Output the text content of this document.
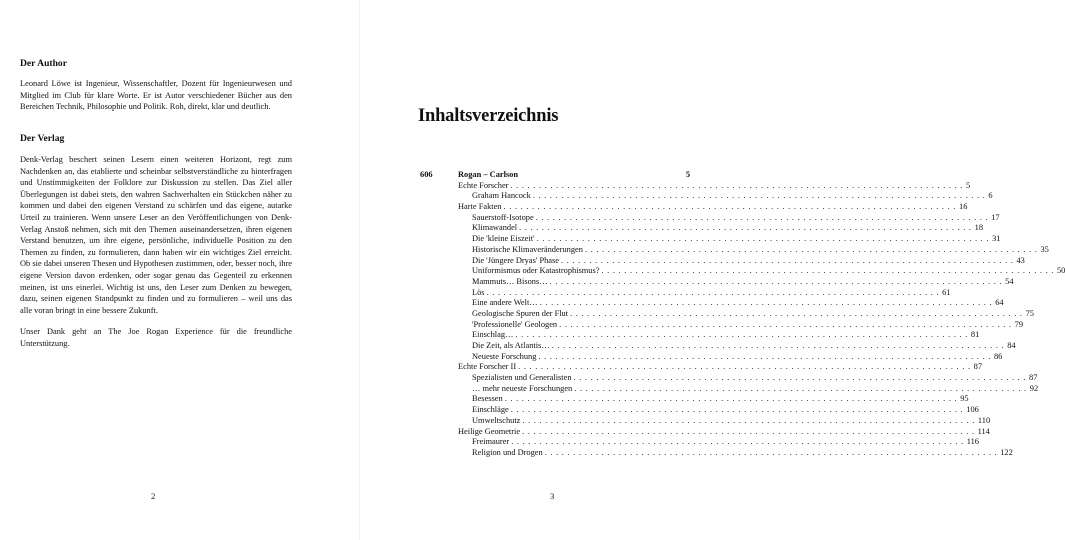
Der Author

Leonard Löwe ist Ingenieur, Wissenschaftler, Dozent für Ingenieurwesen und Mitglied im Club für klare Worte. Er ist Autor verschiedener Bücher aus den Bereichen Technik, Philosophie und Politik. Roh, direkt, klar und deutlich.

Der Verlag

Denk-Verlag beschert seinen Lesern einen weiteren Horizont, regt zum Nachdenken an, das etablierte und scheinbar selbstverständliche zu hinterfragen und Unstimmigkeiten der Folklore zur Diskussion zu stellen. Das Ziel aller Überlegungen ist dabei stets, den wahren Sachverhalten ein Stückchen näher zu kommen und dabei den eigenen Verstand zu schärfen und das eigene, autarke Urteil zu trainieren. Wenn unsere Leser an den Veröffentlichungen von Denk-Verlag Anstoß nehmen, sich mit den Themen auseinandersetzen, ihren eigenen Verstand benutzen, um ihre eigene, persönliche, individuelle Position zu den Themen zu finden, zu formulieren, dann haben wir ein wichtiges Ziel erreicht. Ob sie dabei unseren Thesen und Hypothesen zustimmen, oder, besser noch, ihre eigene Version davon erdenken, oder sogar genau das Gegenteil zu erkennen meinen, ist uns einerlei. Wichtig ist uns, den Leser zum Denken zu bewegen, dazu, seinen eigenen Standpunkt zu finden und zu formulieren – weil uns das alle voran bringt in eine bessere Zukunft.

Unser Dank geht an The Joe Rogan Experience für die freundliche Unterstützung.

2
Inhaltsverzeichnis
606	Rogan – Carlson	5
Echte Forscher ................................................................................ 5
Graham Hancock ................................................................................ 6
Harte Fakten ................................................................................ 16
Sauerstoff-Isotope ................................................................................ 17
Klimawandel ................................................................................ 18
Die 'kleine Eiszeit' ................................................................................ 31
Historische Klimaveränderungen ................................................................................ 35
Die 'Jüngere Dryas' Phase ................................................................................ 43
Uniformismus oder Katastrophismus? ................................................................................ 50
Mammuts… Bisons… ................................................................................ 54
Lös ................................................................................ 61
Eine andere Welt… ................................................................................ 64
Geologische Spuren der Flut ................................................................................ 75
'Professionelle' Geologen ................................................................................ 79
Einschlag… ................................................................................ 81
Die Zeit, als Atlantis… ................................................................................ 84
Neueste Forschung ................................................................................ 86
Echte Forscher II ................................................................................ 87
Spezialisten und Generalisten ................................................................................ 87
… mehr neueste Forschungen ................................................................................ 92
Besessen ................................................................................ 95
Einschläge ................................................................................ 106
Umweltschutz ................................................................................ 110
Heilige Geometrie ................................................................................ 114
Freimaurer ................................................................................ 116
Religion und Drogen ................................................................................ 122
3
